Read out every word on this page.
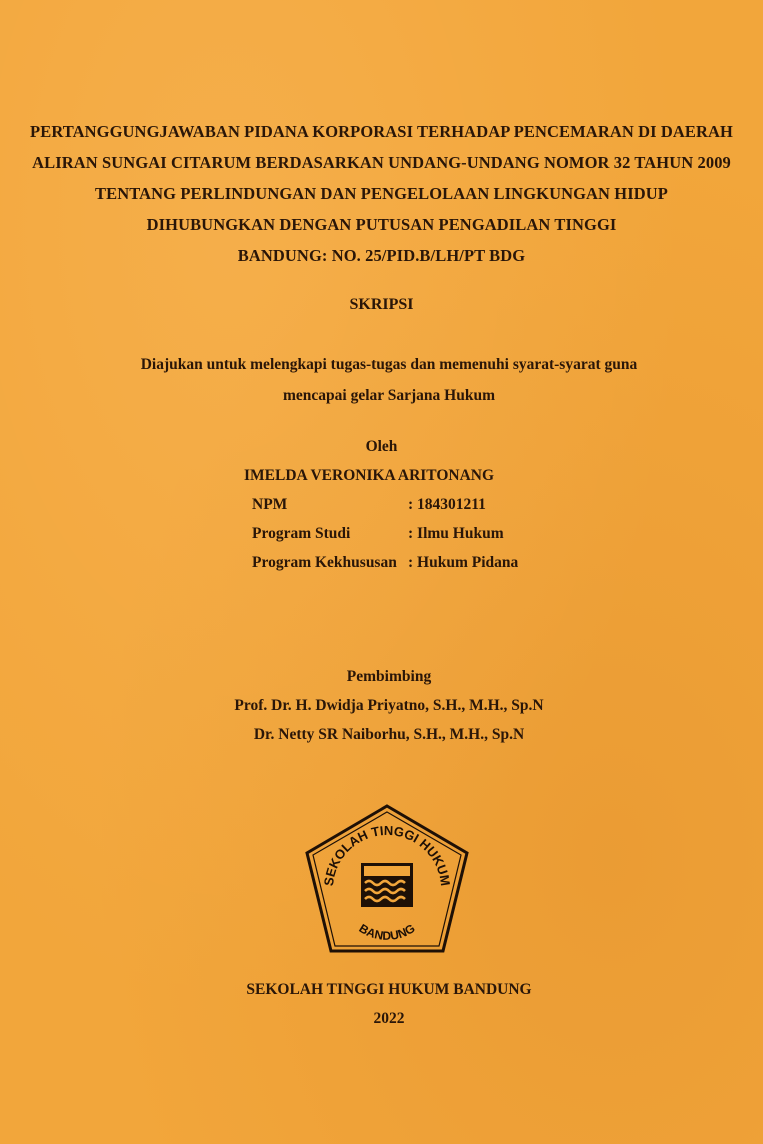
PERTANGGUNGJAWABAN PIDANA KORPORASI TERHADAP PENCEMARAN DI DAERAH
ALIRAN SUNGAI CITARUM BERDASARKAN UNDANG-UNDANG NOMOR 32 TAHUN 2009
TENTANG PERLINDUNGAN DAN PENGELOLAAN LINGKUNGAN HIDUP
DIHUBUNGKAN DENGAN PUTUSAN PENGADILAN TINGGI
BANDUNG: NO. 25/PID.B/LH/PT BDG
SKRIPSI
Diajukan untuk melengkapi tugas-tugas dan memenuhi syarat-syarat guna
mencapai gelar Sarjana Hukum
Oleh
IMELDA VERONIKA ARITONANG
NPM	: 184301211
Program Studi	: Ilmu Hukum
Program Kekhususan : Hukum Pidana
Pembimbing
Prof. Dr. H. Dwidja Priyatno, S.H., M.H., Sp.N
Dr. Netty SR Naiborhu, S.H., M.H., Sp.N
SEKOLAH TINGGI HUKUM
BANDUNG
SEKOLAH TINGGI HUKUM BANDUNG
2022
